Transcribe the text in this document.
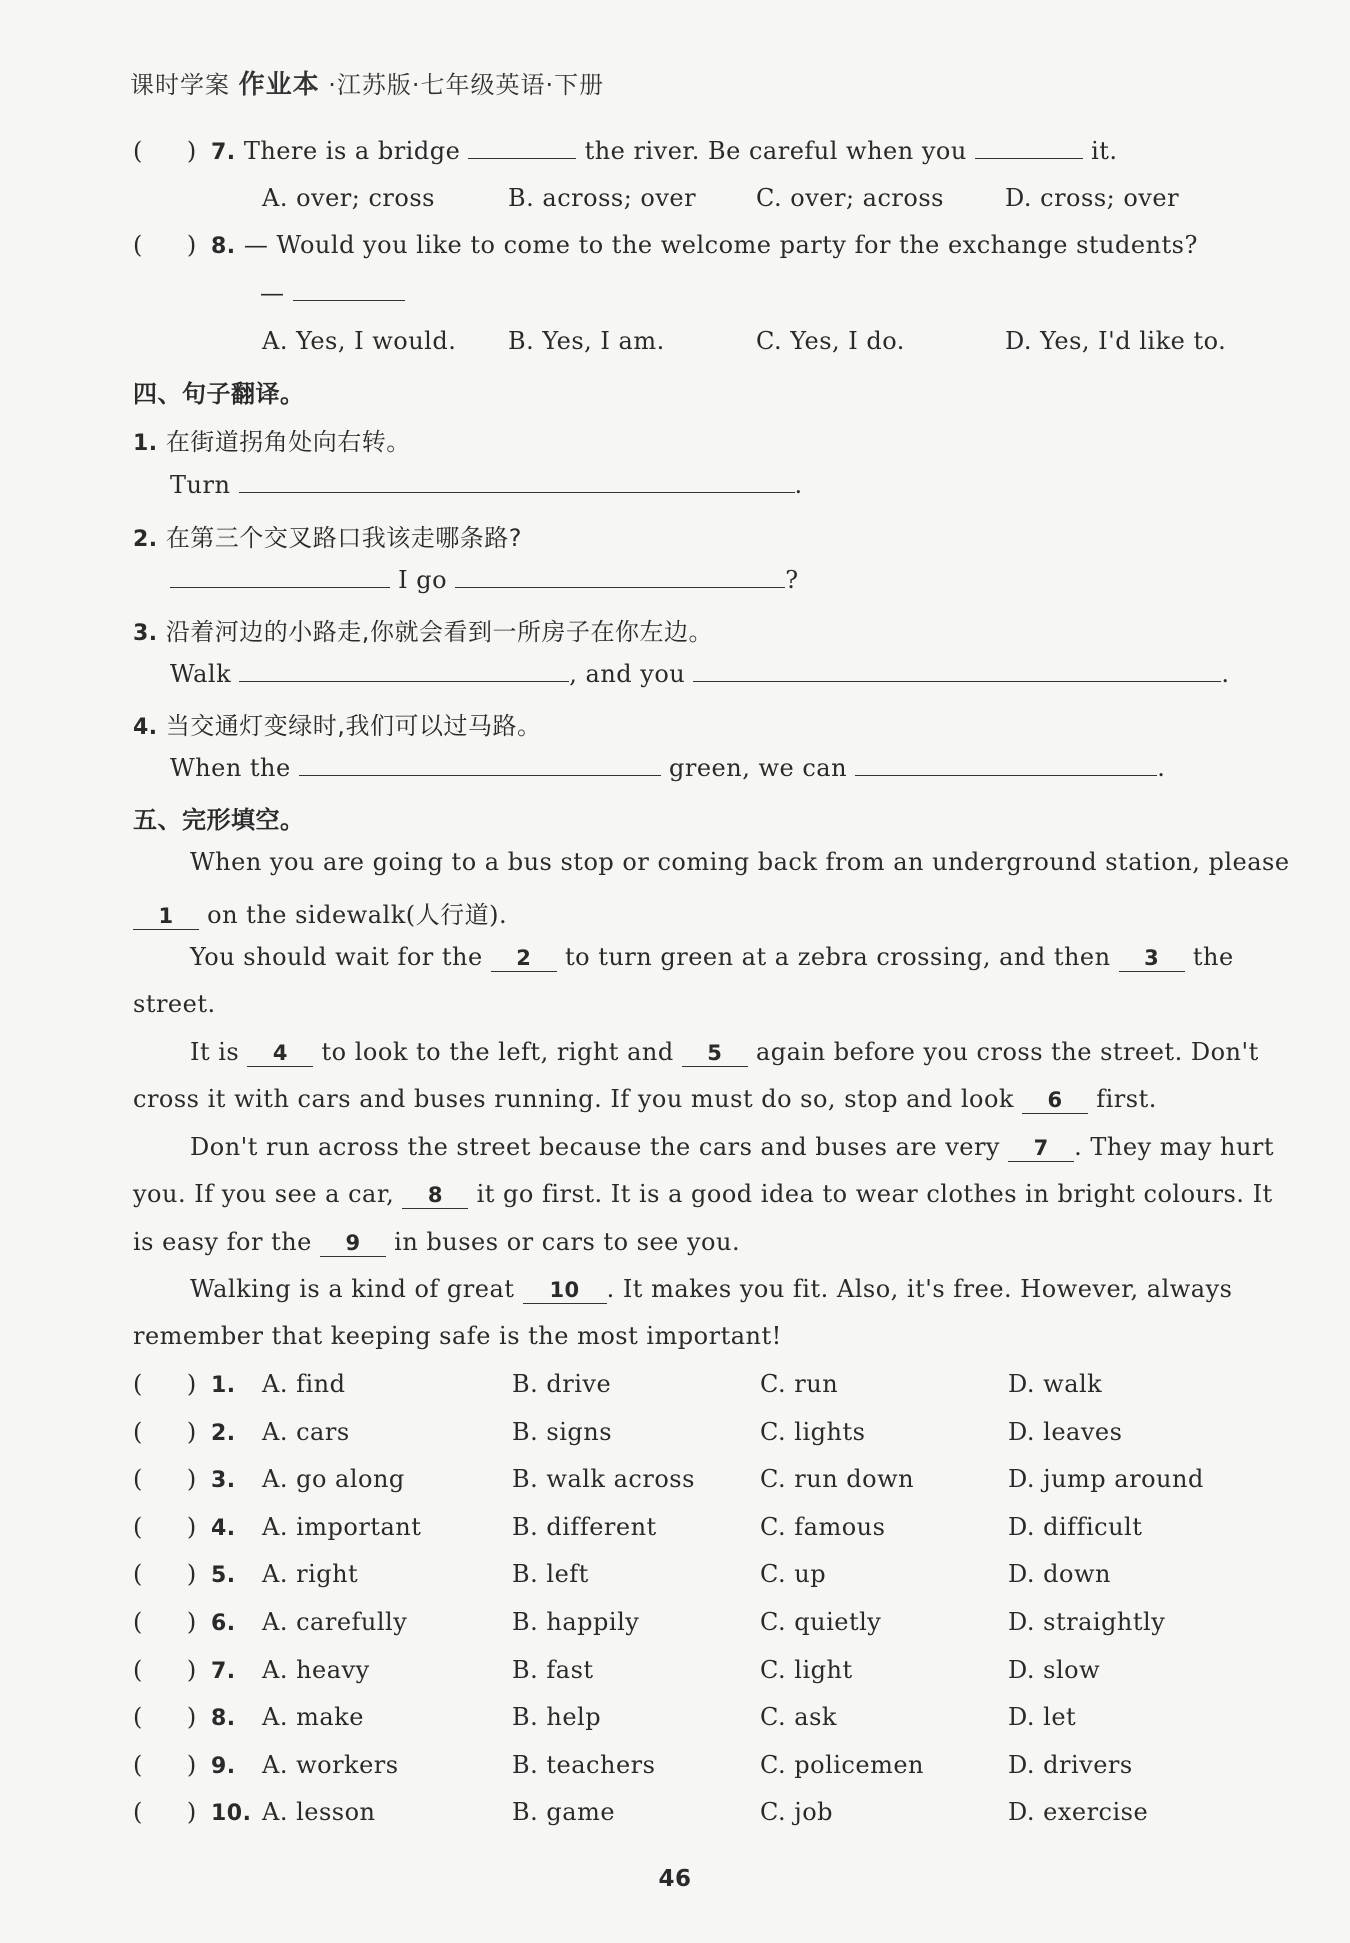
课时学案 作业本 ·江苏版·七年级英语·下册
( ) 7. There is a bridge	the river. Be careful when you	it.
A. over; cross	B. across; over C. over; across	D. cross; over
( ) 8. — Would you like to come to the welcome party for the exchange students?
—
A. Yes, I would. B. Yes, I am.	C. Yes, I do.	D. Yes, I'd like to.
四、句子翻译。
1. 在街道拐角处向右转。
Turn	.
2. 在第三个交叉路口我该走哪条路?
I go	?
3. 沿着河边的小路走,你就会看到一所房子在你左边。
Walk	, and you	.
4. 当交通灯变绿时,我们可以过马路。
When the	green, we can	.
五、完形填空。
When you are going to a bus stop or coming back from an underground station, please
1 on the sidewalk(人行道).
You should wait for the 2 to turn green at a zebra crossing, and then 3 the
street.
It is 4 to look to the left, right and 5 again before you cross the street. Don't
cross it with cars and buses running. If you must do so, stop and look 6 first.
Don't run across the street because the cars and buses are very 7 . They may hurt
you. If you see a car, 8 it go first. It is a good idea to wear clothes in bright colours. It
is easy for the 9 in buses or cars to see you.
Walking is a kind of great 10 . It makes you fit. Also, it's free. However, always
remember that keeping safe is the most important!
( ) 1. A. find	B. drive	C. run	D. walk
( ) 2. A. cars	B. signs	C. lights	D. leaves
( ) 3. A. go along	B. walk across	C. run down	D. jump around
( ) 4. A. important	B. different	C. famous	D. difficult
( ) 5. A. right	B. left	C. up	D. down
( ) 6. A. carefully	B. happily	C. quietly	D. straightly
( ) 7. A. heavy	B. fast	C. light	D. slow
( ) 8. A. make	B. help	C. ask	D. let
( ) 9. A. workers	B. teachers	C. policemen	D. drivers
( ) 10. A. lesson	B. game	C. job	D. exercise
46
